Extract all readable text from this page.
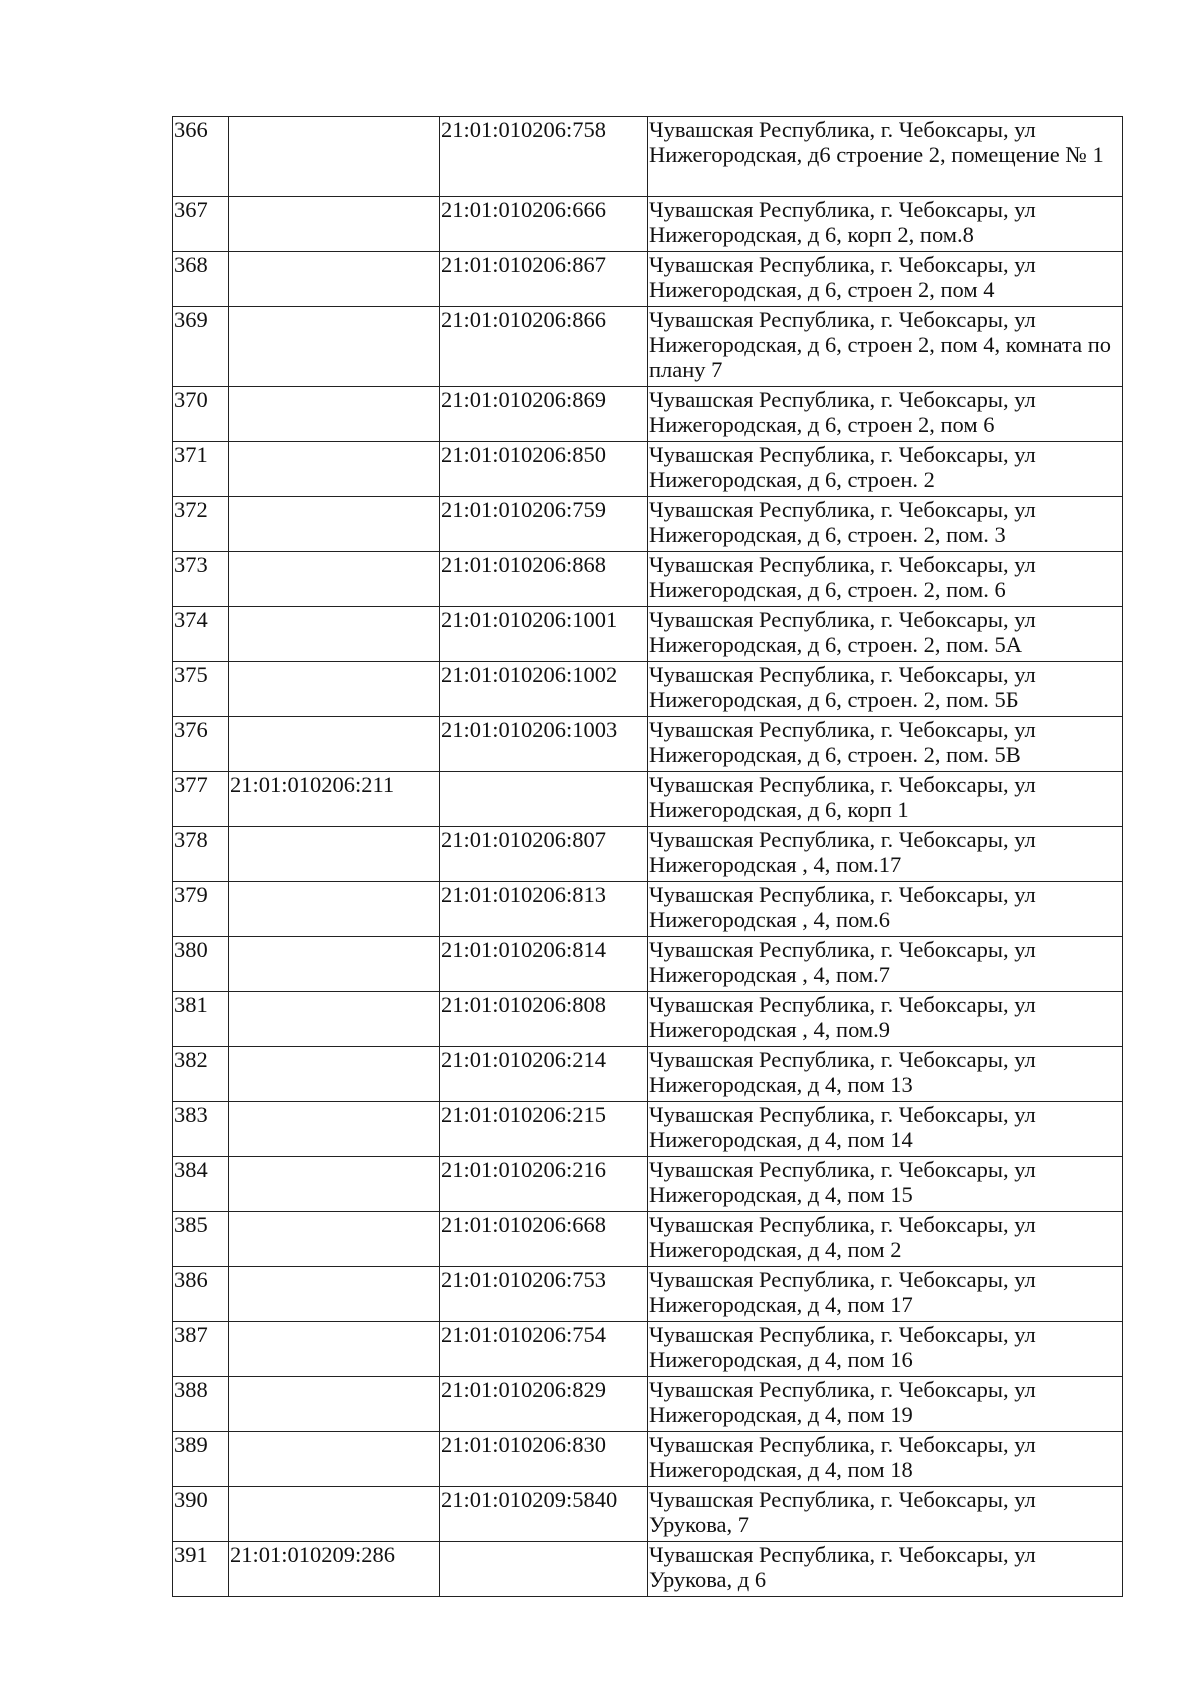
366		21:01:010206:758	Чувашская Республика, г. Чебоксары, ул Нижегородская, д6 строение 2, помещение № 1
367		21:01:010206:666	Чувашская Республика, г. Чебоксары, ул Нижегородская, д 6, корп 2, пом.8
368		21:01:010206:867	Чувашская Республика, г. Чебоксары, ул Нижегородская, д 6, строен 2, пом 4
369		21:01:010206:866	Чувашская Республика, г. Чебоксары, ул Нижегородская, д 6, строен 2, пом 4, комната по плану 7
370		21:01:010206:869	Чувашская Республика, г. Чебоксары, ул Нижегородская, д 6, строен 2, пом 6
371		21:01:010206:850	Чувашская Республика, г. Чебоксары, ул Нижегородская, д 6, строен. 2
372		21:01:010206:759	Чувашская Республика, г. Чебоксары, ул Нижегородская, д 6, строен. 2, пом. 3
373		21:01:010206:868	Чувашская Республика, г. Чебоксары, ул Нижегородская, д 6, строен. 2, пом. 6
374		21:01:010206:1001	Чувашская Республика, г. Чебоксары, ул Нижегородская, д 6, строен. 2, пом. 5А
375		21:01:010206:1002	Чувашская Республика, г. Чебоксары, ул Нижегородская, д 6, строен. 2, пом. 5Б
376		21:01:010206:1003	Чувашская Республика, г. Чебоксары, ул Нижегородская, д 6, строен. 2, пом. 5В
377	21:01:010206:211		Чувашская Республика, г. Чебоксары, ул Нижегородская, д 6, корп 1
378		21:01:010206:807	Чувашская Республика, г. Чебоксары, ул Нижегородская , 4, пом.17
379		21:01:010206:813	Чувашская Республика, г. Чебоксары, ул Нижегородская , 4, пом.6
380		21:01:010206:814	Чувашская Республика, г. Чебоксары, ул Нижегородская , 4, пом.7
381		21:01:010206:808	Чувашская Республика, г. Чебоксары, ул Нижегородская , 4, пом.9
382		21:01:010206:214	Чувашская Республика, г. Чебоксары, ул Нижегородская, д 4, пом 13
383		21:01:010206:215	Чувашская Республика, г. Чебоксары, ул Нижегородская, д 4, пом 14
384		21:01:010206:216	Чувашская Республика, г. Чебоксары, ул Нижегородская, д 4, пом 15
385		21:01:010206:668	Чувашская Республика, г. Чебоксары, ул Нижегородская, д 4, пом 2
386		21:01:010206:753	Чувашская Республика, г. Чебоксары, ул Нижегородская, д 4, пом 17
387		21:01:010206:754	Чувашская Республика, г. Чебоксары, ул Нижегородская, д 4, пом 16
388		21:01:010206:829	Чувашская Республика, г. Чебоксары, ул Нижегородская, д 4, пом 19
389		21:01:010206:830	Чувашская Республика, г. Чебоксары, ул Нижегородская, д 4, пом 18
390		21:01:010209:5840	Чувашская Республика, г. Чебоксары, ул Урукова, 7
391	21:01:010209:286		Чувашская Республика, г. Чебоксары, ул Урукова, д 6
